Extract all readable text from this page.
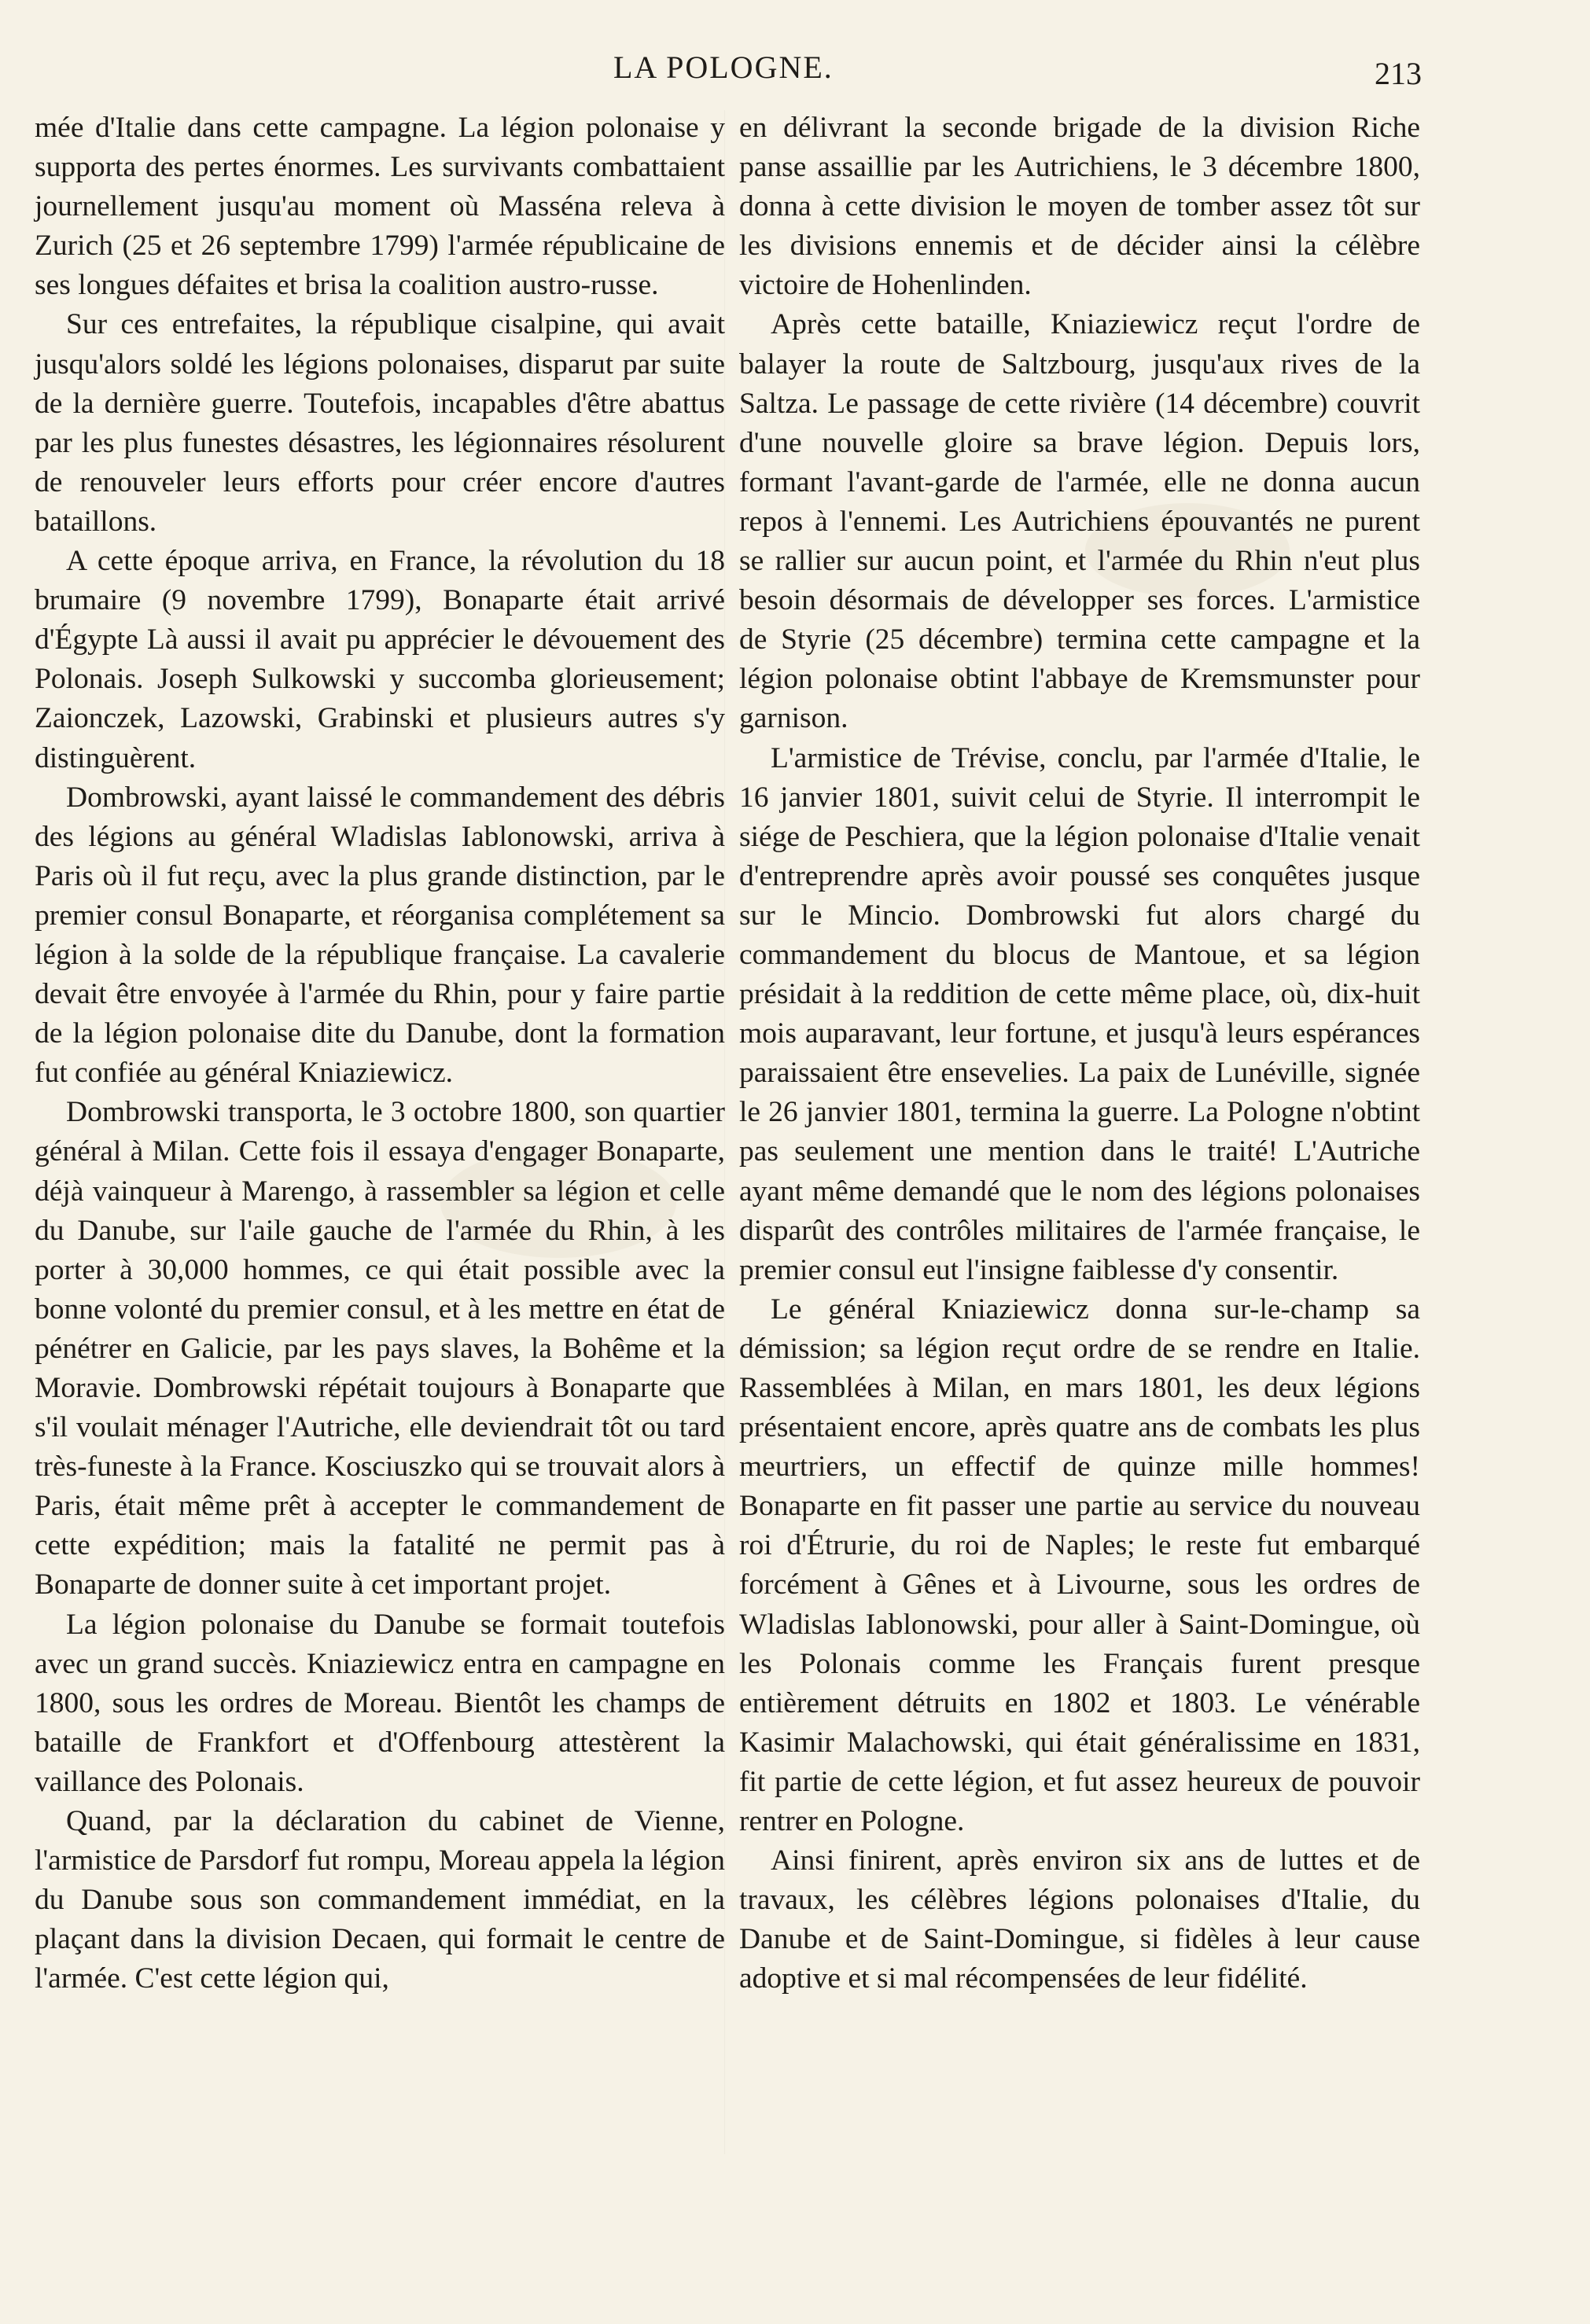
LA POLOGNE.	213

mée d'Italie dans cette campagne. La légion polonaise y supporta des pertes énormes. Les survivants combattaient journellement jusqu'au moment où Masséna releva à Zurich (25 et 26 septembre 1799) l'armée républicaine de ses longues défaites et brisa la coalition austro-russe.

Sur ces entrefaites, la république cisalpine, qui avait jusqu'alors soldé les légions polonaises, disparut par suite de la dernière guerre. Toutefois, incapables d'être abattus par les plus funestes désastres, les légionnaires résolurent de renouveler leurs efforts pour créer encore d'autres bataillons.

A cette époque arriva, en France, la révolution du 18 brumaire (9 novembre 1799), Bonaparte était arrivé d'Égypte Là aussi il avait pu apprécier le dévouement des Polonais. Joseph Sulkowski y succomba glorieusement; Zaionczek, Lazowski, Grabinski et plusieurs autres s'y distinguèrent.

Dombrowski, ayant laissé le commandement des débris des légions au général Wladislas Iablonowski, arriva à Paris où il fut reçu, avec la plus grande distinction, par le premier consul Bonaparte, et réorganisa complétement sa légion à la solde de la république française. La cavalerie devait être envoyée à l'armée du Rhin, pour y faire partie de la légion polonaise dite du Danube, dont la formation fut confiée au général Kniaziewicz.

Dombrowski transporta, le 3 octobre 1800, son quartier général à Milan. Cette fois il essaya d'engager Bonaparte, déjà vainqueur à Marengo, à rassembler sa légion et celle du Danube, sur l'aile gauche de l'armée du Rhin, à les porter à 30,000 hommes, ce qui était possible avec la bonne volonté du premier consul, et à les mettre en état de pénétrer en Galicie, par les pays slaves, la Bohême et la Moravie. Dombrowski répétait toujours à Bonaparte que s'il voulait ménager l'Autriche, elle deviendrait tôt ou tard très-funeste à la France. Kosciuszko qui se trouvait alors à Paris, était même prêt à accepter le commandement de cette expédition; mais la fatalité ne permit pas à Bonaparte de donner suite à cet important projet.

La légion polonaise du Danube se formait toutefois avec un grand succès. Kniaziewicz entra en campagne en 1800, sous les ordres de Moreau. Bientôt les champs de bataille de Frankfort et d'Offenbourg attestèrent la vaillance des Polonais.

Quand, par la déclaration du cabinet de Vienne, l'armistice de Parsdorf fut rompu, Moreau appela la légion du Danube sous son commandement immédiat, en la plaçant dans la division Decaen, qui formait le centre de l'armée. C'est cette légion qui,

en délivrant la seconde brigade de la division Riche panse assaillie par les Autrichiens, le 3 décembre 1800, donna à cette division le moyen de tomber assez tôt sur les divisions ennemis et de décider ainsi la célèbre victoire de Hohenlinden.

Après cette bataille, Kniaziewicz reçut l'ordre de balayer la route de Saltzbourg, jusqu'aux rives de la Saltza. Le passage de cette rivière (14 décembre) couvrit d'une nouvelle gloire sa brave légion. Depuis lors, formant l'avant-garde de l'armée, elle ne donna aucun repos à l'ennemi. Les Autrichiens épouvantés ne purent se rallier sur aucun point, et l'armée du Rhin n'eut plus besoin désormais de développer ses forces. L'armistice de Styrie (25 décembre) termina cette campagne et la légion polonaise obtint l'abbaye de Kremsmunster pour garnison.

L'armistice de Trévise, conclu, par l'armée d'Italie, le 16 janvier 1801, suivit celui de Styrie. Il interrompit le siége de Peschiera, que la légion polonaise d'Italie venait d'entreprendre après avoir poussé ses conquêtes jusque sur le Mincio. Dombrowski fut alors chargé du commandement du blocus de Mantoue, et sa légion présidait à la reddition de cette même place, où, dix-huit mois auparavant, leur fortune, et jusqu'à leurs espérances paraissaient être ensevelies. La paix de Lunéville, signée le 26 janvier 1801, termina la guerre. La Pologne n'obtint pas seulement une mention dans le traité! L'Autriche ayant même demandé que le nom des légions polonaises disparût des contrôles militaires de l'armée française, le premier consul eut l'insigne faiblesse d'y consentir.

Le général Kniaziewicz donna sur-le-champ sa démission; sa légion reçut ordre de se rendre en Italie. Rassemblées à Milan, en mars 1801, les deux légions présentaient encore, après quatre ans de combats les plus meurtriers, un effectif de quinze mille hommes! Bonaparte en fit passer une partie au service du nouveau roi d'Étrurie, du roi de Naples; le reste fut embarqué forcément à Gênes et à Livourne, sous les ordres de Wladislas Iablonowski, pour aller à Saint-Domingue, où les Polonais comme les Français furent presque entièrement détruits en 1802 et 1803. Le vénérable Kasimir Malachowski, qui était généralissime en 1831, fit partie de cette légion, et fut assez heureux de pouvoir rentrer en Pologne.

Ainsi finirent, après environ six ans de luttes et de travaux, les célèbres légions polonaises d'Italie, du Danube et de Saint-Domingue, si fidèles à leur cause adoptive et si mal récompensées de leur fidélité.
